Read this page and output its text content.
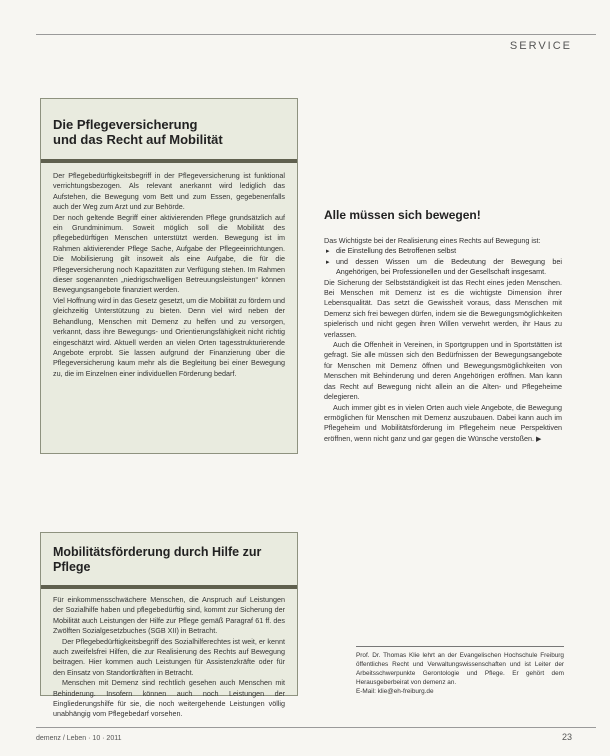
SERVICE
Die Pflegeversicherung
und das Recht auf Mobilität

Der Pflegebedürftigkeitsbegriff in der Pflegeversicherung ist funktional verrichtungsbezogen. Als relevant anerkannt wird lediglich das Aufstehen, die Bewegung vom Bett und zum Essen, gegebenenfalls auch der Weg zum Arzt und zur Behörde.

Der noch geltende Begriff einer aktivierenden Pflege grundsätzlich auf ein Grundminimum. Soweit möglich soll die Mobilität des pflegebedürftigen Menschen unterstützt werden. Bewegung ist im Rahmen aktivierender Pflege Sache, Aufgabe der Pflegeeinrichtungen. Die Mobilisierung gilt insoweit als eine Aufgabe, die für die Pflegeversicherung noch Kapazitäten zur Verfügung stehen. Im Rahmen dieser sogenannten „niedrigschwelligen Betreuungsleistungen“ können Bewegungsangebote finanziert werden.

Viel Hoffnung wird in das Gesetz gesetzt, um die Mobilität zu fördern und gleichzeitig Unterstützung zu bieten. Denn viel wird neben der Behandlung, Menschen mit Demenz zu helfen und zu versorgen, verkannt, dass ihre Bewegungs- und Orientierungsfähigkeit nicht richtig eingeschätzt wird. Aktuell werden an vielen Orten tagesstrukturierende Angebote erprobt. Sie lassen aufgrund der Finanzierung über die Pflegeversicherung kaum mehr als die Begleitung bei einer Bewegung zu, die im Einzelnen einer individuellen Förderung bedarf.

Mobilitätsförderung durch Hilfe zur Pflege

Für einkommensschwächere Menschen, die Anspruch auf Leistungen der Sozialhilfe haben und pflegebedürftig sind, kommt zur Sicherung der Mobilität auch Leistungen der Hilfe zur Pflege gemäß Paragraf 61 ff. des Zwölften Sozialgesetzbuches (SGB XII) in Betracht.

Der Pflegebedürftigkeitsbegriff des Sozialhilferechtes ist weit, er kennt auch zweifelsfrei Hilfen, die zur Realisierung des Rechts auf Bewegung beitragen. Hier kommen auch Leistungen für Assistenzkräfte oder für den Einsatz von Standortkräften in Betracht.

Menschen mit Demenz sind rechtlich gesehen auch Menschen mit Behinderung. Insofern können auch noch Leistungen der Eingliederungshilfe für sie, die noch weitergehende Leistungen völlig unabhängig vom Pflegebedarf vorsehen.

Alle müssen sich bewegen!

Das Wichtigste bei der Realisierung eines Rechts auf Bewegung ist:

▸ die Einstellung des Betroffenen selbst
▸ und dessen Wissen um die Bedeutung der Bewegung bei Angehörigen, bei Professionellen und der Gesellschaft insgesamt.

Die Sicherung der Selbstständigkeit ist das Recht eines jeden Menschen. Bei Menschen mit Demenz ist es die wichtigste Dimension ihrer Lebensqualität. Das setzt die Gewissheit voraus, dass Menschen mit Demenz sich frei bewegen dürfen, indem sie die Bewegungsmöglichkeiten spielerisch und nicht gegen ihren Willen verwehrt werden, ihr Haus zu verlassen.

Auch die Offenheit in Vereinen, in Sportgruppen und in Sportstätten ist gefragt. Sie alle müssen sich den Bedürfnissen der Bewegungsangebote für Menschen mit Demenz öffnen und Bewegungsmöglichkeiten von Menschen mit Behinderung und deren Angehörigen eröffnen. Man kann das Recht auf Bewegung nicht allein an die Alten- und Pflegeheime delegieren.

Auch immer gibt es in vielen Orten auch viele Angebote, die Bewegung ermöglichen für Menschen mit Demenz auszubauen. Dabei kann auch im Pflegeheim und Mobilitätsförderung im Pflegeheim neue Perspektiven eröffnen, wenn nicht ganz und gar gegen die Wünsche verstoßen. ▶

Prof. Dr. Thomas Klie lehrt an der Evangelischen Hochschule Freiburg öffentliches Recht und Verwaltungswissenschaften und ist Leiter der Arbeitsschwerpunkte Gerontologie und Pflege. Er gehört dem Herausgeberbeirat von demenz an.

E-Mail: klie@eh-freiburg.de

demenz / Leben · 10 · 2011	23
